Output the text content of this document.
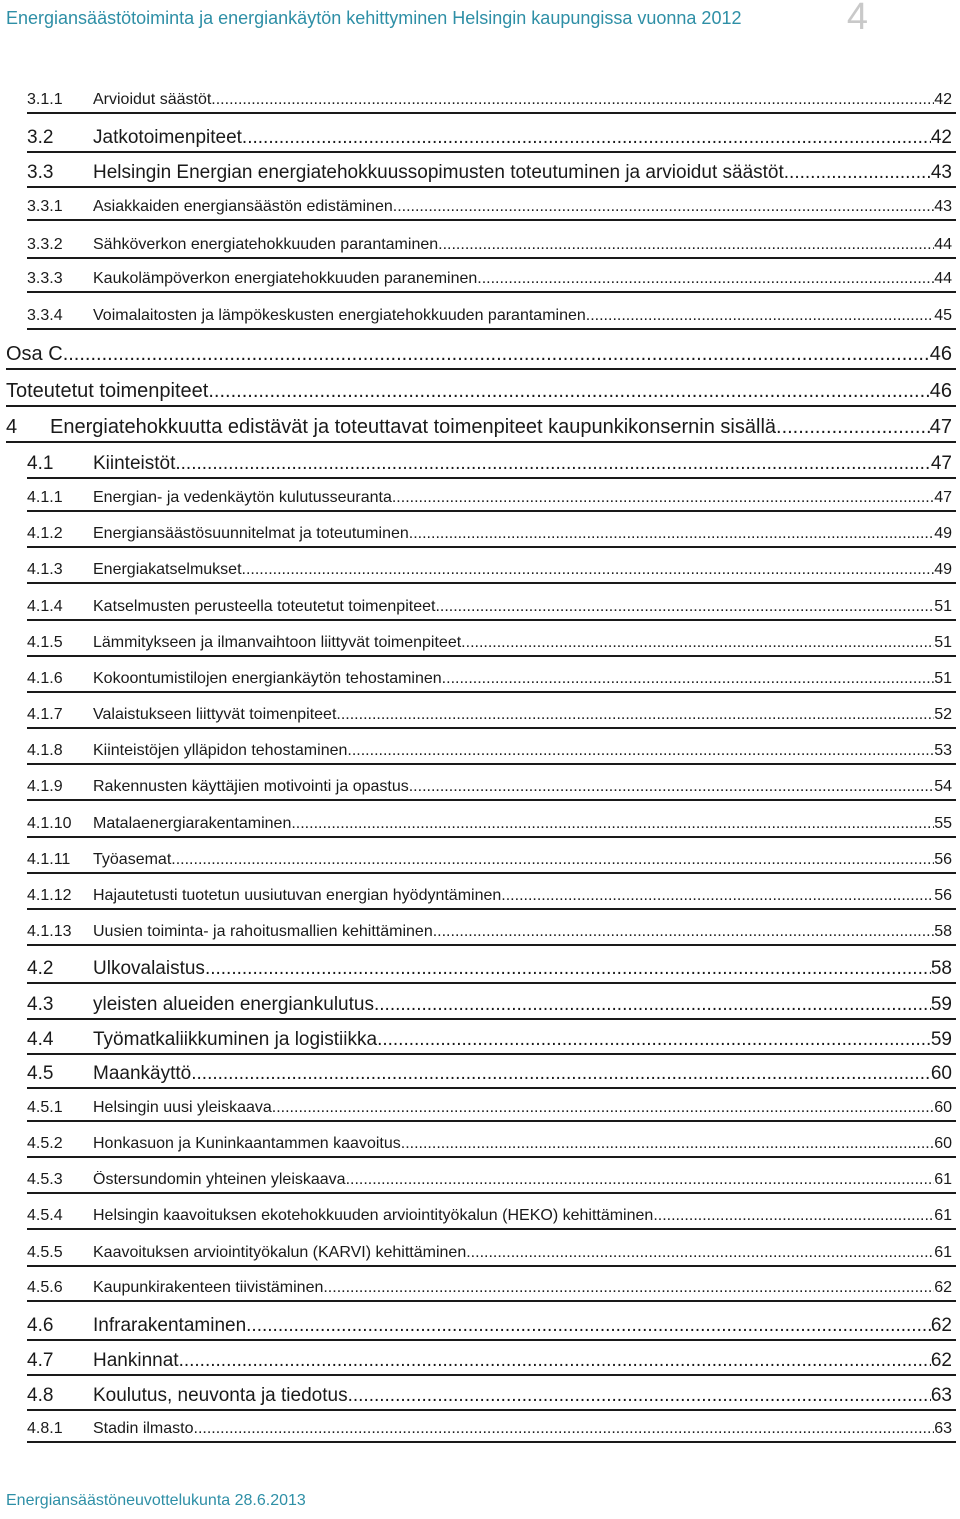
Energiansäästötoiminta ja energiankäytön kehittyminen Helsingin kaupungissa vuonna 2012	4
3.1.1	Arvioidut säästöt .....	42
3.2	Jatkotoimenpiteet .....	42
3.3	Helsingin Energian energiatehokkuussopimusten toteutuminen ja arvioidut säästöt .....	43
3.3.1	Asiakkaiden energiansäästön edistäminen .....	43
3.3.2	Sähköverkon energiatehokkuuden parantaminen .....	44
3.3.3	Kaukolämpöverkon energiatehokkuuden paraneminen .....	44
3.3.4	Voimalaitosten ja lämpökeskusten energiatehokkuuden parantaminen .....	45
Osa C .....	46
Toteutetut toimenpiteet .....	46
4	Energiatehokkuutta edistävät ja toteuttavat toimenpiteet kaupunkikonsernin sisällä .....	47
4.1	Kiinteistöt .....	47
4.1.1	Energian- ja vedenkäytön kulutusseuranta .....	47
4.1.2	Energiansäästösuunnitelmat ja toteutuminen .....	49
4.1.3	Energiakatselmukset .....	49
4.1.4	Katselmusten perusteella toteutetut toimenpiteet .....	51
4.1.5	Lämmitykseen ja ilmanvaihtoon liittyvät toimenpiteet .....	51
4.1.6	Kokoontumistilojen energiankäytön tehostaminen .....	51
4.1.7	Valaistukseen liittyvät toimenpiteet .....	52
4.1.8	Kiinteistöjen ylläpidon tehostaminen .....	53
4.1.9	Rakennusten käyttäjien motivointi ja opastus .....	54
4.1.10	Matalaenergiarakentaminen .....	55
4.1.11	Työasemat .....	56
4.1.12	Hajautetusti tuotetun uusiutuvan energian hyödyntäminen .....	56
4.1.13	Uusien toiminta- ja rahoitusmallien kehittäminen .....	58
4.2	Ulkovalaistus .....	58
4.3	yleisten alueiden energiankulutus .....	59
4.4	Työmatkaliikkuminen ja logistiikka .....	59
4.5	Maankäyttö .....	60
4.5.1	Helsingin uusi yleiskaava .....	60
4.5.2	Honkasuon ja Kuninkaantammen kaavoitus .....	60
4.5.3	Östersundomin yhteinen yleiskaava .....	61
4.5.4	Helsingin kaavoituksen ekotehokkuuden arviointityökalun (HEKO) kehittäminen .....	61
4.5.5	Kaavoituksen arviointityökalun (KARVI) kehittäminen .....	61
4.5.6	Kaupunkirakenteen tiivistäminen .....	62
4.6	Infrarakentaminen .....	62
4.7	Hankinnat .....	62
4.8	Koulutus, neuvonta ja tiedotus .....	63
4.8.1	Stadin ilmasto .....	63
Energiansäästöneuvottelukunta 28.6.2013
